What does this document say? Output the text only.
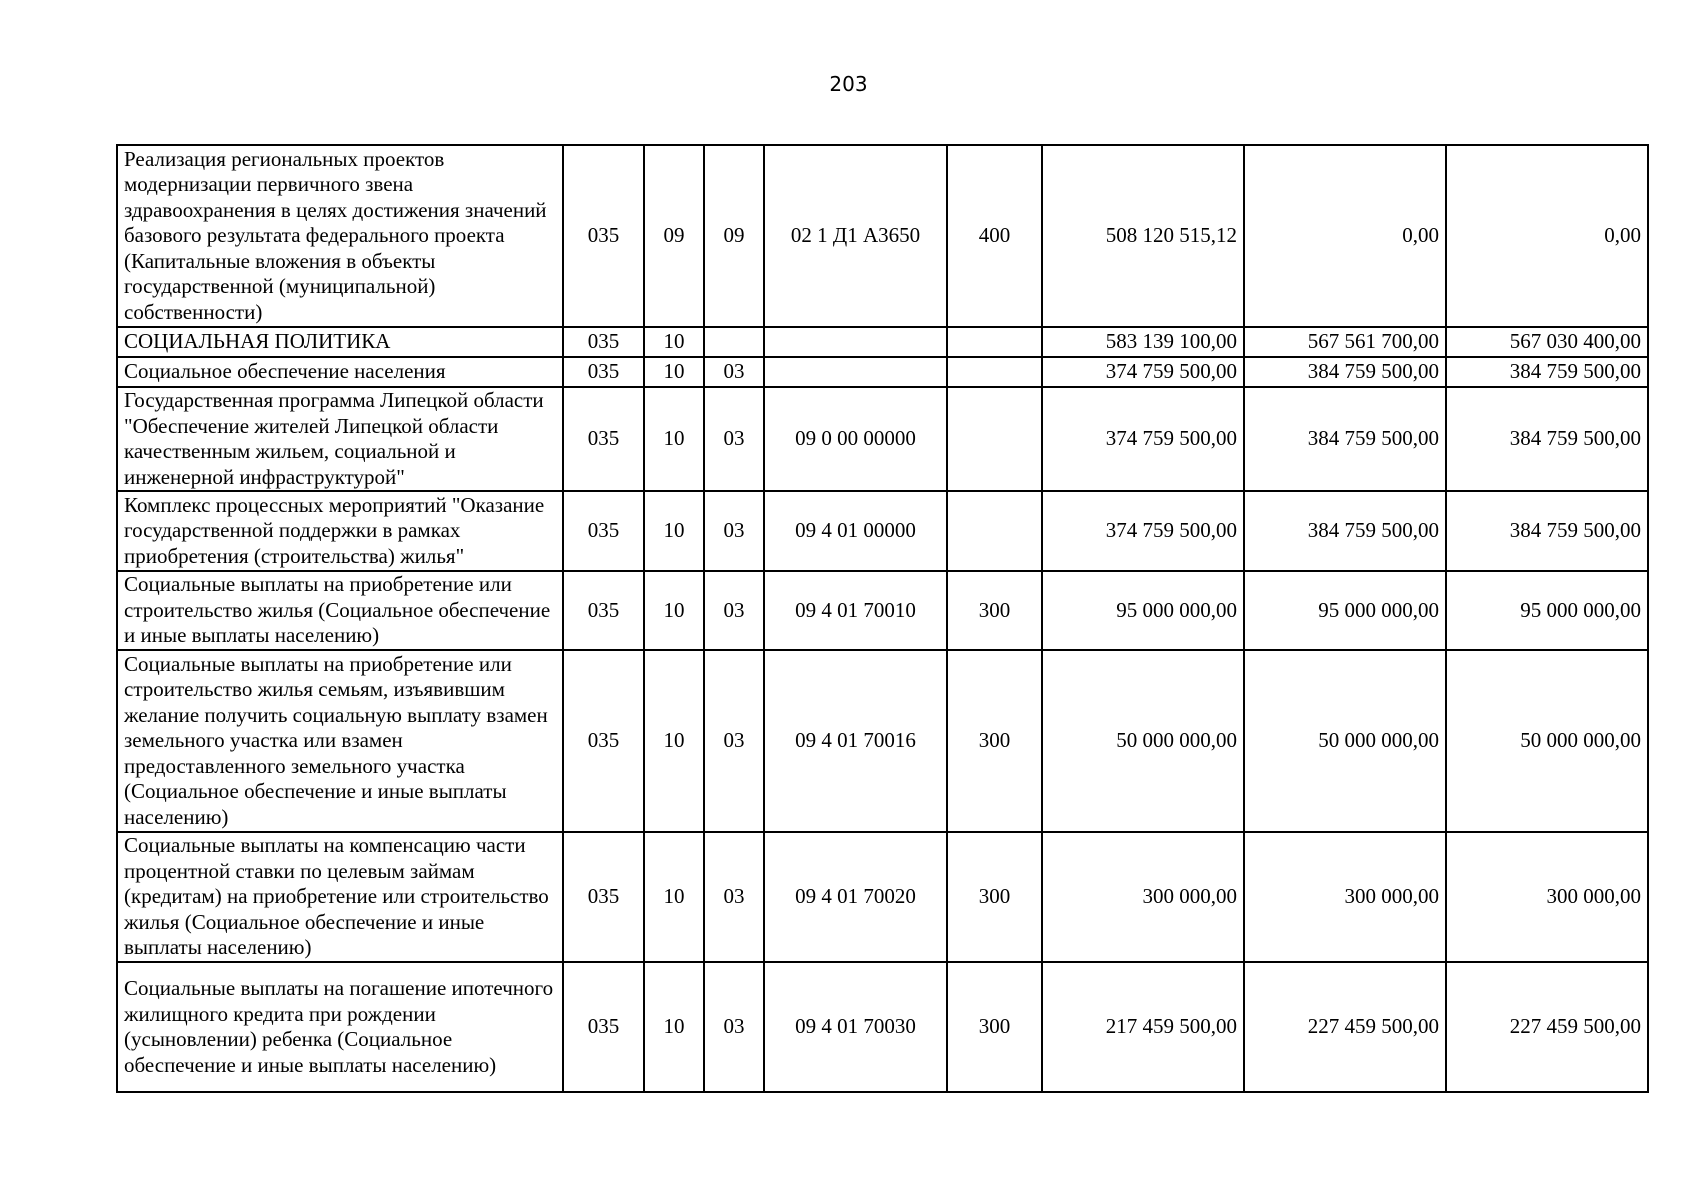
203
Реализация региональных проектов модернизации первичного звена здравоохранения в целях достижения значений базового результата федерального проекта (Капитальные вложения в объекты государственной (муниципальной) собственности)	035	09	09	02 1 Д1 А3650	400	508 120 515,12	0,00	0,00
СОЦИАЛЬНАЯ ПОЛИТИКА	035	10				583 139 100,00	567 561 700,00	567 030 400,00
Социальное обеспечение населения	035	10	03			374 759 500,00	384 759 500,00	384 759 500,00
Государственная программа Липецкой области "Обеспечение жителей Липецкой области качественным жильем, социальной и инженерной инфраструктурой"	035	10	03	09 0 00 00000		374 759 500,00	384 759 500,00	384 759 500,00
Комплекс процессных мероприятий "Оказание государственной поддержки в рамках приобретения (строительства) жилья"	035	10	03	09 4 01 00000		374 759 500,00	384 759 500,00	384 759 500,00
Социальные выплаты на приобретение или строительство жилья (Социальное обеспечение и иные выплаты населению)	035	10	03	09 4 01 70010	300	95 000 000,00	95 000 000,00	95 000 000,00
Социальные выплаты на приобретение или строительство жилья семьям, изъявившим желание получить социальную выплату взамен земельного участка или взамен предоставленного земельного участка (Социальное обеспечение и иные выплаты населению)	035	10	03	09 4 01 70016	300	50 000 000,00	50 000 000,00	50 000 000,00
Социальные выплаты на компенсацию части процентной ставки по целевым займам (кредитам) на приобретение или строительство жилья (Социальное обеспечение и иные выплаты населению)	035	10	03	09 4 01 70020	300	300 000,00	300 000,00	300 000,00
Социальные выплаты на погашение ипотечного жилищного кредита при рождении (усыновлении) ребенка (Социальное обеспечение и иные выплаты населению)	035	10	03	09 4 01 70030	300	217 459 500,00	227 459 500,00	227 459 500,00
